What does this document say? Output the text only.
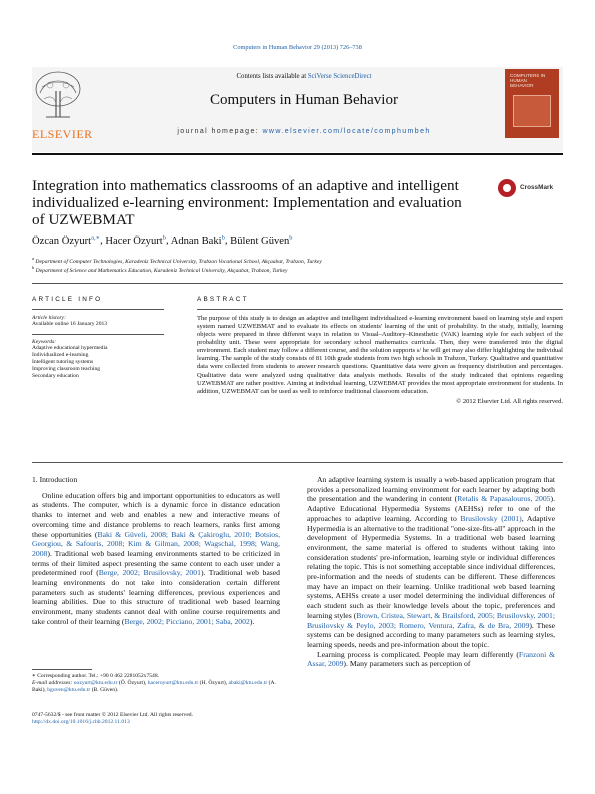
Computers in Human Behavior 29 (2013) 726–738
ELSEVIER
Contents lists available at SciVerse ScienceDirect
Computers in Human Behavior
journal homepage: www.elsevier.com/locate/comphumbeh
COMPUTERS IN
HUMAN
BEHAVIOR
Integration into mathematics classrooms of an adaptive and intelligent individualized e-learning environment: Implementation and evaluation of UZWEBMAT
CrossMark
Özcan Özyurt$^{a,∗}$, Hacer Özyurt$^b$, Adnan Baki$^b$, Bülent Güven$^b$
$^a$ Department of Computer Technologies, Karadeniz Technical University, Trabzon Vocational School, Akçaabat, Trabzon, Turkey
$^b$ Department of Science and Mathematics Education, Karadeniz Technical University, Akçaabat, Trabzon, Turkey
ARTICLE INFO
Article history:
Available online 16 January 2013
Keywords:
Adaptive educational hypermedia
Individualized e-learning
Intelligent tutoring systems
Improving classroom teaching
Secondary education
ABSTRACT
The purpose of this study is to design an adaptive and intelligent individualized e-learning environment based on learning style and expert system named UZWEBMAT and to evaluate its effects on students' learning of the unit of probability. In the study, initially, learning objects were prepared in three different ways in relation to Visual–Auditory–Kinesthetic (VAK) learning style for each subject of the probability unit. These were appropriate for secondary school mathematics curricula. Then, they were transferred into the digital environment. Each student may follow a different course, and the solution supports s/ he will get may also differ highlighting the individual learning. The sample of the study consists of 81 10th grade students from two high schools in Trabzon, Turkey. Qualitative and quantitative data were collected from students to answer research questions. Quantitative data were given as frequency distribution and percentages. Qualitative data were analyzed using qualitative data analysis methods. Results of the study indicated that opinions regarding UZWEBMAT are rather positive. Aiming at individual learning, UZWEBMAT provides the most appropriate environment for students. In addition, UZWEBMAT can be used as well to reinforce traditional classroom education.
© 2012 Elsevier Ltd. All rights reserved.
1. Introduction

Online education offers big and important opportunities to educators as well as students. The computer, which is a dynamic force in distance education thanks to internet and web and enables a new and interactive means of overcoming time and distance problems to reach learners, ranks first among these opportunities (Baki & Güveli, 2008; Baki & Çakiroglu, 2010; Botsios, Georgiou, & Safouris, 2008; Kim & Gilman, 2008; Wagschal, 1998; Wang, 2008). Traditional web based learning environments started to be criticized in terms of their limited aspect presenting the same content to each user under a predetermined roof (Berge, 2002; Brusilovsky, 2001). Traditional web based learning environments do not take into consideration certain different parameters such as students' learning differences, previous experiences and learning abilities. Due to this structure of traditional web based learning environment, many students cannot deal with online course requirements and take control of their learning (Berge, 2002; Picciano, 2001; Saba, 2002).

An adaptive learning system is usually a web-based application program that provides a personalized learning environment for each learner by adapting both the presentation and the wandering in content (Retalis & Papasalouros, 2005). Adaptive Educational Hypermedia Systems (AEHSs) refer to one of the approaches to adaptive learning. According to Brusilovsky (2001), Adaptive Hypermedia is an alternative to the traditional "one-size-fits-all" approach in the development of Hypermedia Systems. In a traditional web based learning environment, the same material is offered to students without taking into consideration students' pre-information, learning style or individual differences relating the topic. This is not something acceptable since individual differences, pre-information and the needs of students can be different. These differences may have an impact on their learning. Unlike traditional web based learning systems, AEHSs create a user model determining the individual differences of each student such as their knowledge levels about the topic, preferences and learning styles (Brown, Cristea, Stewart, & Brailsford, 2005; Brusilovsky, 2001; Brusilovsky & Peylo, 2003; Romero, Ventura, Zafra, & de Bra, 2009). These systems can be designed according to many parameters such as learning styles, learning speeds, needs and pre-information about the topic.

Learning process is complicated. People may learn differently (Franzoni & Assar, 2009). Many parameters such as perception of

∗ Corresponding author. Tel.: +90 0 462 2281052x7548.
E-mail addresses: oozyurt@ktu.edu.tr (Ö. Özyurt), haceroyurt@ktu.edu.tr (H. Özyurt), abaki@ktu.edu.tr (A. Baki), bguven@ktu.edu.tr (B. Güven).
0747-5632/$ - see front matter © 2012 Elsevier Ltd. All rights reserved.
http://dx.doi.org/10.1016/j.chb.2012.11.013
